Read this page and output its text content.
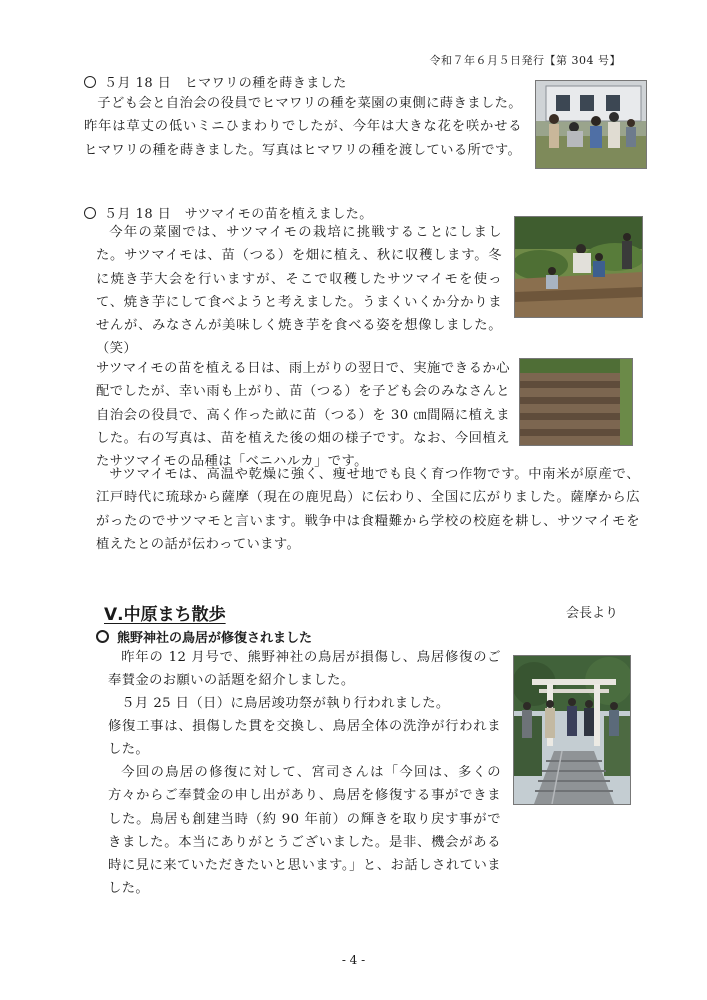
令和７年６月５日発行【第 304 号】
５月 18 日　ヒマワリの種を蒔きました
子ども会と自治会の役員でヒマワリの種を菜園の東側に蒔きました。昨年は草丈の低いミニひまわりでしたが、今年は大きな花を咲かせるヒマワリの種を蒔きました。写真はヒマワリの種を渡している所です。
５月 18 日　サツマイモの苗を植えました。
今年の菜園では、サツマイモの栽培に挑戦することにしました。サツマイモは、苗（つる）を畑に植え、秋に収穫します。冬に焼き芋大会を行いますが、そこで収穫したサツマイモを使って、焼き芋にして食べようと考えました。うまくいくか分かりませんが、みなさんが美味しく焼き芋を食べる姿を想像しました。（笑）
サツマイモの苗を植える日は、雨上がりの翌日で、実施できるか心配でしたが、幸い雨も上がり、苗（つる）を子ども会のみなさんと自治会の役員で、高く作った畝に苗（つる）を 30 ㎝間隔に植えました。右の写真は、苗を植えた後の畑の様子です。なお、今回植えたサツマイモの品種は「ベニハルカ」です。
サツマイモは、高温や乾燥に強く、痩せ地でも良く育つ作物です。中南米が原産で、江戸時代に琉球から薩摩（現在の鹿児島）に伝わり、全国に広がりました。薩摩から広がったのでサツマモと言います。戦争中は食糧難から学校の校庭を耕し、サツマイモを植えたとの話が伝わっています。
Ⅴ.中原まち散歩	会長より
熊野神社の鳥居が修復されました
昨年の 12 月号で、熊野神社の鳥居が損傷し、鳥居修復のご奉賛金のお願いの話題を紹介しました。
５月 25 日（日）に鳥居竣功祭が執り行われました。
修復工事は、損傷した貫を交換し、鳥居全体の洗浄が行われました。
今回の鳥居の修復に対して、宮司さんは「今回は、多くの方々からご奉賛金の申し出があり、鳥居を修復する事ができました。鳥居も創建当時（約 90 年前）の輝きを取り戻す事ができました。本当にありがとうございました。是非、機会がある時に見に来ていただきたいと思います。」と、お話しされていました。
- 4 -
